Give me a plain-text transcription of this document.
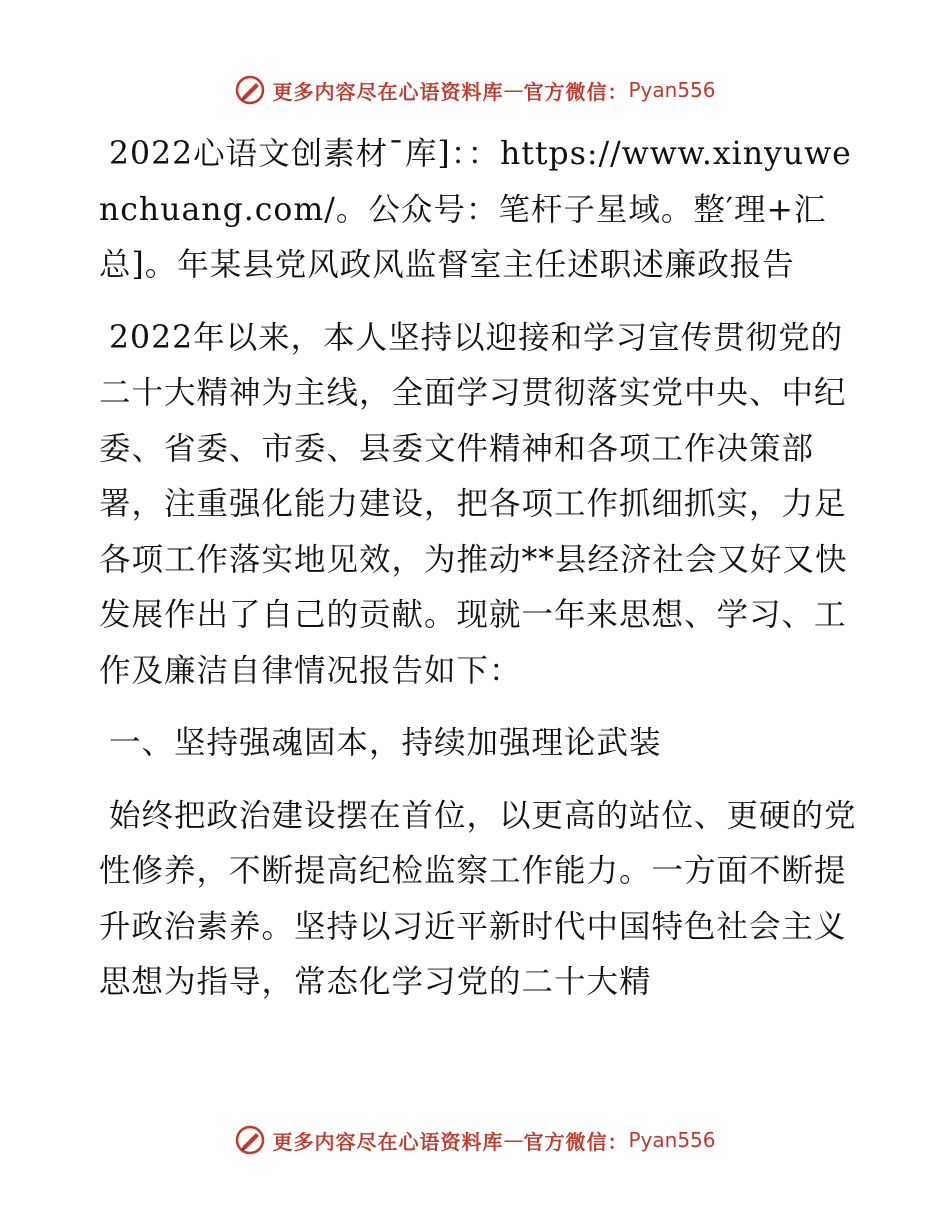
更多内容尽在心语资料库 — 官方微信： Pyan556

2022心语文创素材¯库]：：https://www.xinyuwenchuang.com/。公众号：笔杆子星域。整′理+汇总]。年某县党风政风监督室主任述职述廉政报告

2022年以来，本人坚持以迎接和学习宣传贯彻党的二十大精神为主线，全面学习贯彻落实党中央、中纪委、省委、市委、县委文件精神和各项工作决策部署，注重强化能力建设，把各项工作抓细抓实，力足各项工作落实地见效，为推动**县经济社会又好又快发展作出了自己的贡献。现就一年来思想、学习、工作及廉洁自律情况报告如下：

一、坚持强魂固本，持续加强理论武装

始终把政治建设摆在首位，以更高的站位、更硬的党性修养，不断提高纪检监察工作能力。一方面不断提升政治素养。坚持以习近平新时代中国特色社会主义思想为指导，常态化学习党的二十大精

更多内容尽在心语资料库 — 官方微信： Pyan556
